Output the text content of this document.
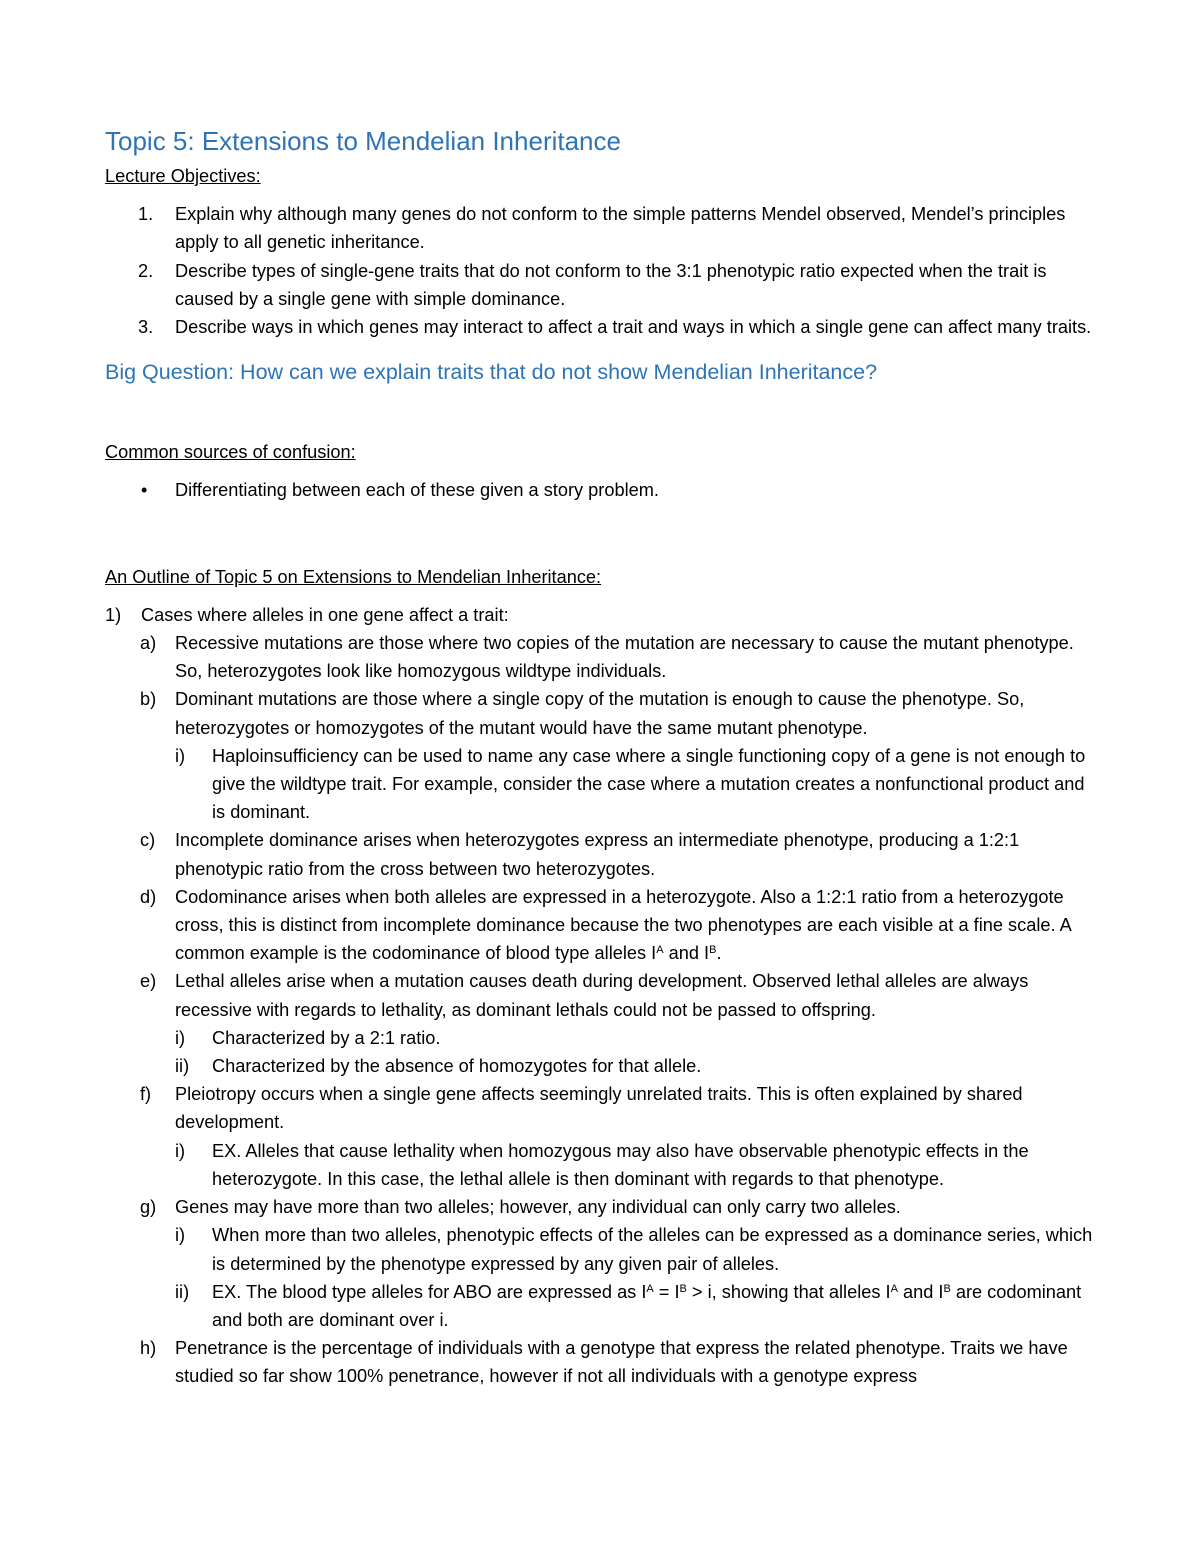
Topic 5: Extensions to Mendelian Inheritance
Lecture Objectives:
1. Explain why although many genes do not conform to the simple patterns Mendel observed, Mendel’s principles apply to all genetic inheritance.
2. Describe types of single-gene traits that do not conform to the 3:1 phenotypic ratio expected when the trait is caused by a single gene with simple dominance.
3. Describe ways in which genes may interact to affect a trait and ways in which a single gene can affect many traits.
Big Question: How can we explain traits that do not show Mendelian Inheritance?
Common sources of confusion:
• Differentiating between each of these given a story problem.
An Outline of Topic 5 on Extensions to Mendelian Inheritance:
1) Cases where alleles in one gene affect a trait:
a) Recessive mutations are those where two copies of the mutation are necessary to cause the mutant phenotype. So, heterozygotes look like homozygous wildtype individuals.
b) Dominant mutations are those where a single copy of the mutation is enough to cause the phenotype. So, heterozygotes or homozygotes of the mutant would have the same mutant phenotype.
i) Haploinsufficiency can be used to name any case where a single functioning copy of a gene is not enough to give the wildtype trait. For example, consider the case where a mutation creates a nonfunctional product and is dominant.
c) Incomplete dominance arises when heterozygotes express an intermediate phenotype, producing a 1:2:1 phenotypic ratio from the cross between two heterozygotes.
d) Codominance arises when both alleles are expressed in a heterozygote. Also a 1:2:1 ratio from a heterozygote cross, this is distinct from incomplete dominance because the two phenotypes are each visible at a fine scale. A common example is the codominance of blood type alleles $I^A$ and $I^B$.
e) Lethal alleles arise when a mutation causes death during development. Observed lethal alleles are always recessive with regards to lethality, as dominant lethals could not be passed to offspring.
i) Characterized by a 2:1 ratio.
ii) Characterized by the absence of homozygotes for that allele.
f) Pleiotropy occurs when a single gene affects seemingly unrelated traits. This is often explained by shared development.
i) EX. Alleles that cause lethality when homozygous may also have observable phenotypic effects in the heterozygote. In this case, the lethal allele is then dominant with regards to that phenotype.
g) Genes may have more than two alleles; however, any individual can only carry two alleles.
i) When more than two alleles, phenotypic effects of the alleles can be expressed as a dominance series, which is determined by the phenotype expressed by any given pair of alleles.
ii) EX. The blood type alleles for ABO are expressed as $I^A = I^B > i$, showing that alleles $I^A$ and $I^B$ are codominant and both are dominant over i.
h) Penetrance is the percentage of individuals with a genotype that express the related phenotype. Traits we have studied so far show 100% penetrance, however if not all individuals with a genotype express
